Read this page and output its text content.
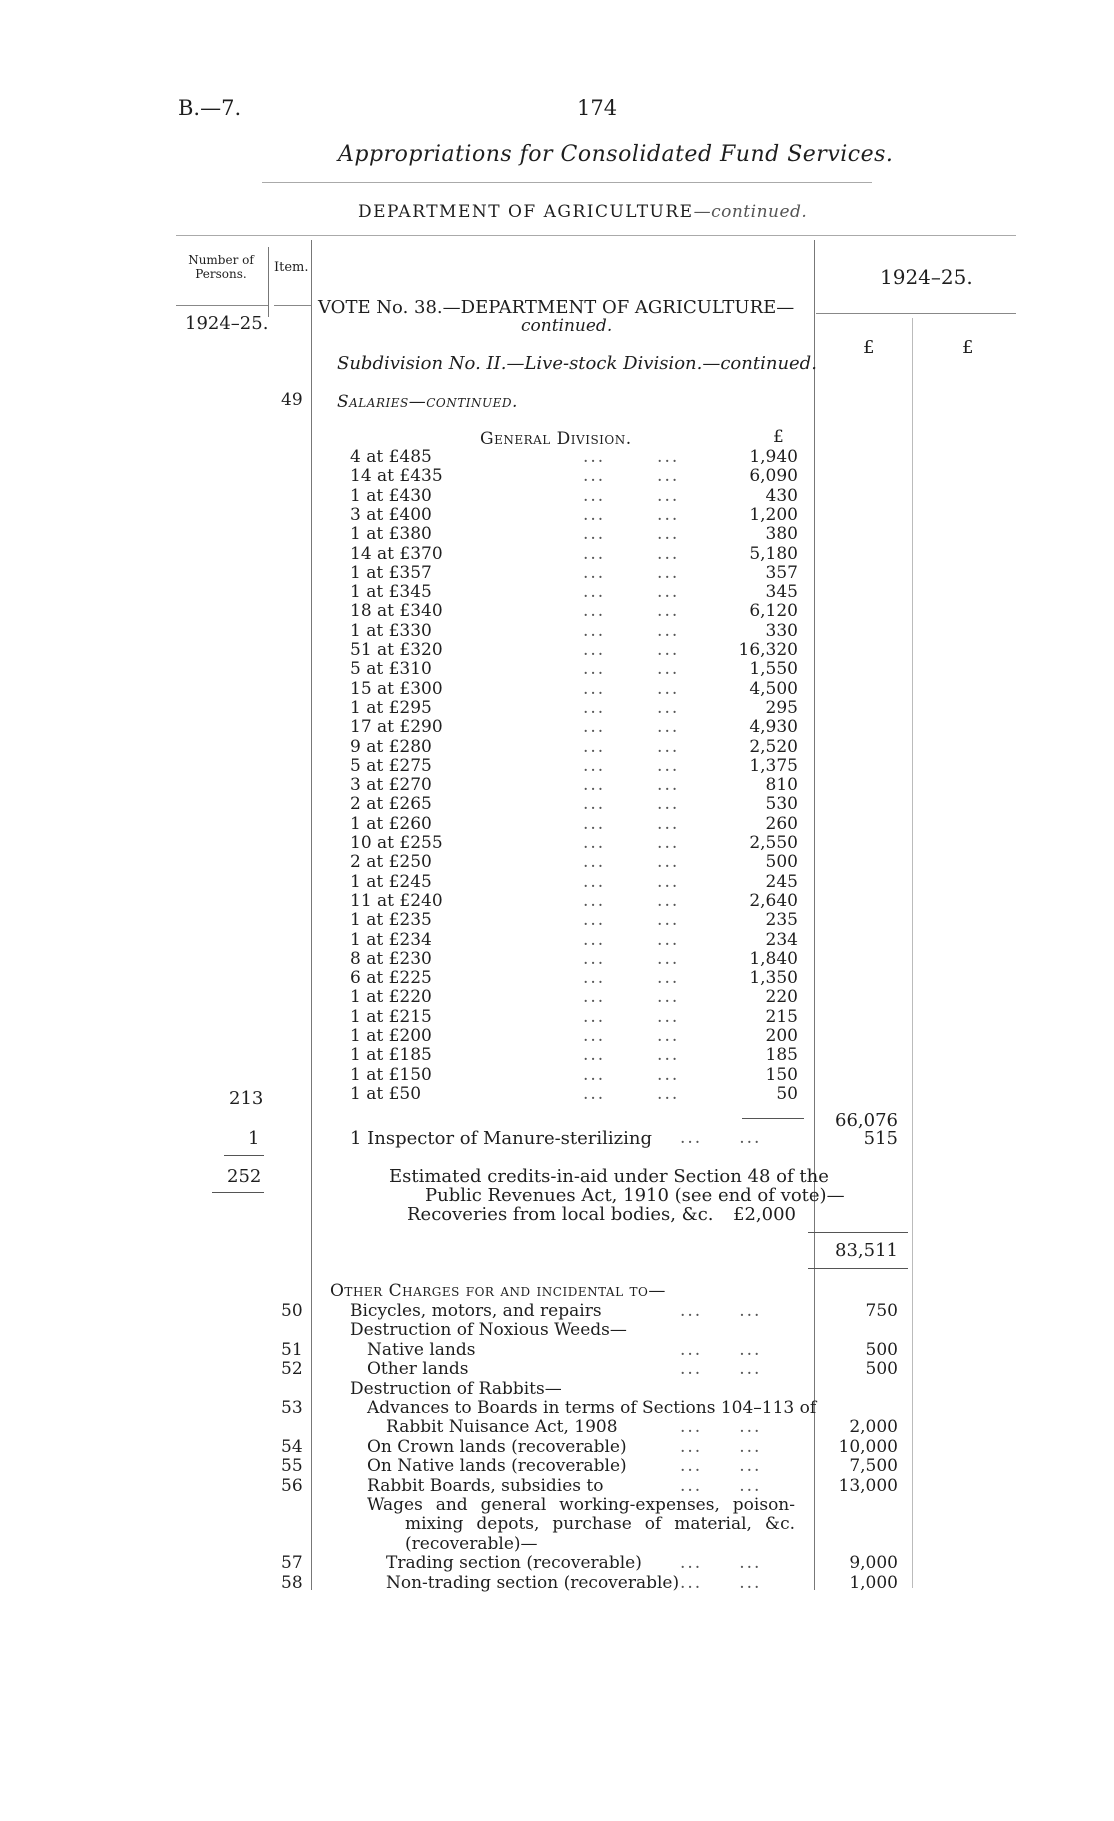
B.—7.	174
Appropriations for Consolidated Fund Services.
DEPARTMENT OF AGRICULTURE—continued.
Number of Persons.	Item.	1924–25.
1924–25.
£	£
VOTE No. 38.—DEPARTMENT OF AGRICULTURE—
continued.
Subdivision No. II.—Live-stock Division.—continued.
49 Salaries—continued.
General Division.	£
4 at £485	...       ...	1,940
14 at £435	...       ...	6,090
1 at £430	...       ...	430
3 at £400	...       ...	1,200
1 at £380	...       ...	380
14 at £370	...       ...	5,180
1 at £357	...       ...	357
1 at £345	...       ...	345
18 at £340	...       ...	6,120
1 at £330	...       ...	330
51 at £320	...       ...	16,320
5 at £310	...       ...	1,550
15 at £300	...       ...	4,500
1 at £295	...       ...	295
17 at £290	...       ...	4,930
9 at £280	...       ...	2,520
5 at £275	...       ...	1,375
3 at £270	...       ...	810
2 at £265	...       ...	530
1 at £260	...       ...	260
10 at £255	...       ...	2,550
2 at £250	...       ...	500
1 at £245	...       ...	245
11 at £240	...       ...	2,640
1 at £235	...       ...	235
1 at £234	...       ...	234
8 at £230	...       ...	1,840
6 at £225	...       ...	1,350
1 at £220	...       ...	220
1 at £215	...       ...	215
1 at £200	...       ...	200
1 at £185	...       ...	185
1 at £150	...       ...	150
1 at £50	...       ...	50
213
66,076
1	1 Inspector of Manure-sterilizing ...     ...	515
252	Estimated credits-in-aid under Section 48 of the
Public Revenues Act, 1910 (see end of vote)—
Recoveries from local bodies, &c.	£2,000
83,511
Other Charges for and incidental to—
50	Bicycles, motors, and repairs	...     ...	750
Destruction of Noxious Weeds—
51	Native lands	...     ...	500
52	Other lands	...     ...	500
Destruction of Rabbits—
53	Advances to Boards in terms of Sections 104–113 of
Rabbit Nuisance Act, 1908	...     ...	2,000
54	On Crown lands (recoverable)	...     ...	10,000
55	On Native lands (recoverable)	...     ...	7,500
56	Rabbit Boards, subsidies to	...     ...	13,000
Wages and general working-expenses, poison-
mixing depots, purchase of material, &c.
(recoverable)—
57	Trading section (recoverable) ...     ...	9,000
58	Non-trading section (recoverable) ...     ...	1,000
